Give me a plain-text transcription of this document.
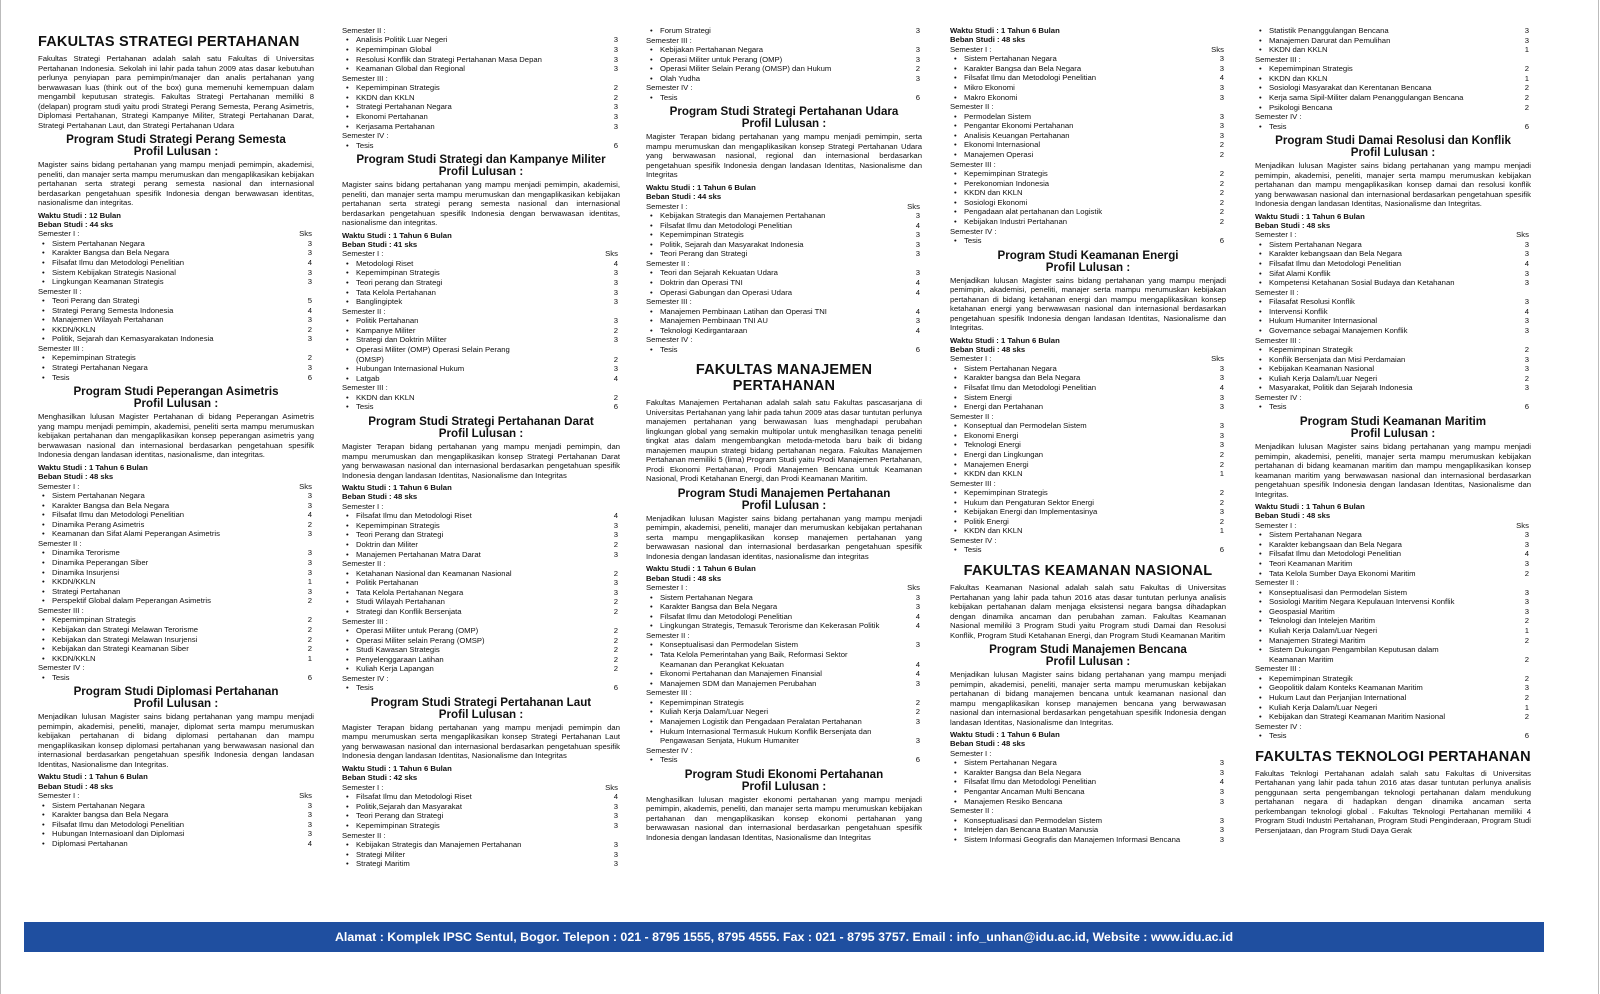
FAKULTAS STRATEGI PERTAHANAN
Fakultas Strategi Pertahanan adalah salah satu Fakultas di Universitas Pertahanan Indonesia. Sekolah ini lahir pada tahun 2009 atas dasar kebutuhan perlunya penyiapan para pemimpin/manajer dan analis pertahanan yang berwawasan luas (think out of the box) guna memenuhi kemempuan dalam mengambil keputusan strategis. Fakultas Strategi Pertahanan memiliki 8 (delapan) program studi yaitu prodi Strategi Perang Semesta, Perang Asimetris, Diplomasi Pertahanan, Strategi Kampanye Militer, Strategi Pertahanan Darat, Strategi Pertahanan Laut, dan Strategi Pertahanan Udara
Program Studi Strategi Perang Semesta
Profil Lulusan :
Magister sains bidang pertahanan yang mampu menjadi pemimpin, akademisi, peneliti, dan manajer serta mampu merumuskan dan mengaplikasikan kebijakan pertahanan serta strategi perang semesta nasional dan internasional berdasarkan pengetahuan spesifik Indonesia dengan berwawasan identitas, nasionalisme dan integritas.
Waktu Studi : 12 Bulan
Beban Studi : 44 sks
Semester I :	Sks
• Sistem Pertahanan Negara	3
• Karakter Bangsa dan Bela Negara	3
• Filsafat Ilmu dan Metodologi Penelitian	4
• Sistem Kebijakan Strategis Nasional	3
• Lingkungan Keamanan Strategis	3
Semester II :
• Teori Perang dan Strategi	5
• Strategi Perang Semesta Indonesia	4
• Manajemen Wilayah Pertahanan	3
• KKDN/KKLN	2
• Politik, Sejarah dan Kemasyarakatan Indonesia	3
Semester III :
• Kepemimpinan Strategis	2
• Strategi Pertahanan Negara	3
• Tesis	6
Program Studi Peperangan Asimetris
Profil Lulusan :
Menghasilkan lulusan Magister Pertahanan di bidang Peperangan Asimetris yang mampu menjadi pemimpin, akademisi, peneliti serta mampu merumuskan kebijakan pertahanan dan mengaplikasikan konsep peperangan asimetris yang berwawasan nasional dan internasional berdasarkan pengetahuan spesifik Indonesia dengan landasan identitas, nasionalisme, dan integritas.
Waktu Studi : 1 Tahun 6 Bulan
Beban Studi : 48 sks
Semester I :	Sks
• Sistem Pertahanan Negara	3
• Karakter Bangsa dan Bela Negara	3
• Filsafat Ilmu dan Metodologi Penelitian	4
• Dinamika Perang Asimetris	2
• Keamanan dan Sifat Alami Peperangan Asimetris	3
Semester II :
• Dinamika Terorisme	3
• Dinamika Peperangan Siber	3
• Dinamika Insurjensi	3
• KKDN/KKLN	1
• Strategi Pertahanan	3
• Perspektif Global dalam Peperangan Asimetris	2
Semester III :
• Kepemimpinan Strategis	2
• Kebijakan dan Strategi Melawan Terorisme	2
• Kebijakan dan Strategi Melawan Insurjensi	2
• Kebijakan dan Strategi Keamanan Siber	2
• KKDN/KKLN	1
Semester IV :
• Tesis	6
Program Studi Diplomasi Pertahanan
Profil Lulusan :
Menjadikan lulusan Magister sains bidang pertahanan yang mampu menjadi pemimpin, akademisi, peneliti, manajer, diplomat serta mampu merumuskan kebijakan pertahanan di bidang diplomasi pertahanan dan mampu mengaplikasikan konsep diplomasi pertahanan yang berwawasan nasional dan internasional berdasarkan pengetahuan spesifik Indonesia dengan landasan Identitas, Nasionalisme dan Integritas.
Waktu Studi : 1 Tahun 6 Bulan
Beban Studi : 48 sks
Semester I :	Sks
• Sistem Pertahanan Negara	3
• Karakter bangsa dan Bela Negara	3
• Filsafat Ilmu dan Metodologi Penelitian	3
• Hubungan Internasioanl dan Diplomasi	3
• Diplomasi Pertahanan	4
Semester II :
• Analisis Politik Luar Negeri	3
• Kepemimpinan Global	3
• Resolusi Konflik dan Strategi Pertahanan Masa Depan	3
• Keamanan Global dan Regional	3
Semester III :
• Kepemimpinan Strategis	2
• KKDN dan KKLN	2
• Strategi Pertahanan Negara	3
• Ekonomi Pertahanan	3
• Kerjasama Pertahanan	3
Semester IV :
• Tesis	6
Program Studi Strategi dan Kampanye Militer
Profil Lulusan :
Magister sains bidang pertahanan yang mampu menjadi pemimpin, akademisi, peneliti, dan manajer serta mampu merumuskan dan mengaplikasikan kebijakan pertahanan serta strategi perang semesta nasional dan internasional berdasarkan pengetahuan spesifik Indonesia dengan berwawasan identitas, nasionalisme dan integritas.
Waktu Studi : 1 Tahun 6 Bulan
Beban Studi : 41 sks
Semester I :	Sks
• Metodologi Riset	4
• Kepemimpinan Strategis	3
• Teori perang dan Strategi	3
• Tata Kelola Pertahanan	3
• Banglingiptek	3
Semester II :
• Politik Pertahanan	3
• Kampanye Militer	2
• Strategi dan Doktrin Militer	3
• Operasi Militer (OMP) Operasi Selain Perang
(OMSP)	2
• Hubungan Internasional Hukum	3
• Latgab	4
Semester III :
• KKDN dan KKLN	2
• Tesis	6
Program Studi Strategi Pertahanan Darat
Profil Lulusan :
Magister Terapan bidang pertahanan yang mampu menjadi pemimpin, dan mampu merumuskan dan mengaplikasikan konsep Strategi Pertahanan Darat yang berwawasan nasional dan internasional berdasarkan pengetahuan spesifik Indonesia dengan landasan Identitas, Nasionalisme dan Integritas
Waktu Studi : 1 Tahun 6 Bulan
Beban Studi : 48 sks
Semester I :
• Filsafat Ilmu dan Metodologi Riset	4
• Kepemimpinan Strategis	3
• Teori Perang dan Strategi	3
• Doktrin dan Militer	2
• Manajemen Pertahanan Matra Darat	3
Semester II :
• Ketahanan Nasional dan Keamanan Nasional	2
• Politik Pertahanan	3
• Tata Kelola Pertahanan Negara	3
• Studi Wilayah Pertahanan	2
• Strategi dan Konflik Bersenjata	2
Semester III :
• Operasi Militer untuk Perang (OMP)	2
• Operasi Militer selain Perang (OMSP)	2
• Studi Kawasan Strategis	2
• Penyelenggaraan Latihan	2
• Kuliah Kerja Lapangan	2
Semester IV :
• Tesis	6
Program Studi Strategi Pertahanan Laut
Profil Lulusan :
Magister Terapan bidang pertahanan yang mampu menjadi pemimpin dan mampu merumuskan serta mengaplikasikan konsep Strategi Pertahanan Laut yang berwawasan nasional dan internasional berdasarkan pengetahuan spesifik Indonesia dengan landasan Identitas, Nasionalisme dan Integritas
Waktu Studi : 1 Tahun 6 Bulan
Beban Studi : 42 sks
Semester I :	Sks
• Filsafat Ilmu dan Metodologi Riset	4
• Politik,Sejarah dan Masyarakat	3
• Teori Perang dan Strategi	3
• Kepemimpinan Strategis	3
Semester II :
• Kebijakan Strategis dan Manajemen Pertahanan	3
• Strategi Militer	3
• Strategi Maritim	3
• Forum Strategi	3
Semester III :
• Kebijakan Pertahanan Negara	3
• Operasi Militer untuk Perang (OMP)	3
• Operasi Militer Selain Perang (OMSP) dan Hukum	2
• Olah Yudha	3
Semester IV :
• Tesis	6
Program Studi Strategi Pertahanan Udara
Profil Lulusan :
Magister Terapan bidang pertahanan yang mampu menjadi pemimpin, serta mampu merumuskan dan mengaplikasikan konsep Strategi Pertahanan Udara yang berwawasan nasional, regional dan internasional berdasarkan pengetahuan spesifik Indonesia dengan landasan Identitas, Nasionalisme dan Integritas
Waktu Studi : 1 Tahun 6 Bulan
Beban Studi : 44 sks
Semester I :	Sks
• Kebijakan Strategis dan Manajemen Pertahanan	3
• Filsafat Ilmu dan Metodologi Penelitian	4
• Kepemimpinan Strategis	3
• Politik, Sejarah dan Masyarakat Indonesia	3
• Teori Perang dan Strategi	3
Semester II :
• Teori dan Sejarah Kekuatan Udara	3
• Doktrin dan Operasi TNI	4
• Operasi Gabungan dan Operasi Udara	4
Semester III :
• Manajemen Pembinaan Latihan dan Operasi TNI	4
• Manajemen Pembinaan TNI AU	3
• Teknologi Kedirgantaraan	4
Semester IV :
• Tesis	6
FAKULTAS MANAJEMEN PERTAHANAN
Fakultas Manajemen Pertahanan adalah salah satu Fakultas pascasarjana di Universitas Pertahanan yang lahir pada tahun 2009 atas dasar tuntutan perlunya manajemen pertahanan yang berwawasan luas menghadapi perubahan lingkungan global yang semakin multipolar untuk menghasilkan tenaga peneliti tingkat atas dalam mengembangkan metoda-metoda baru baik di bidang manajemen maupun strategi bidang pertahanan negara. Fakultas Manajemen Pertahanan memiliki 5 (lima) Program Studi yaitu Prodi Manajemen Pertahanan, Prodi Ekonomi Pertahanan, Prodi Manajemen Bencana untuk Keamanan Nasional, Prodi Ketahanan Energi, dan Prodi Keamanan Maritim.
Program Studi Manajemen Pertahanan
Profil Lulusan :
Menjadikan lulusan Magister sains bidang pertahanan yang mampu menjadi pemimpin, akademisi, peneliti, manajer dan merumuskan kebijakan pertahanan serta mampu mengaplikasikan konsep manajemen pertahanan yang berwawasan nasional dan internasional berdasarkan pengetahuan spesifik Indonesia dengan landasan identitas, nasionalisme dan integritas
Waktu Studi : 1 Tahun 6 Bulan
Beban Studi : 48 sks
Semester I :	Sks
• Sistem Pertahanan Negara	3
• Karakter Bangsa dan Bela Negara	3
• Filsafat Ilmu dan Metodologi Penelitian	4
• Lingkungan Strategis, Temasuk Terorisme dan Kekerasan Politik	4
Semester II :
• Konseptualisasi dan Permodelan Sistem	3
• Tata Kelola Pemerintahan yang Baik, Reformasi Sektor
Keamanan dan Perangkat Kekuatan	4
• Ekonomi Pertahanan dan Manajemen Finansial	4
• Manajemen SDM dan Manajemen Perubahan	3
Semester III :
• Kepemimpinan Strategis	2
• Kuliah Kerja Dalam/Luar Negeri	2
• Manajemen Logistik dan Pengadaan Peralatan Pertahanan	3
• Hukum Internasional Termasuk Hukum Konflik Bersenjata dan
Pengawasan Senjata, Hukum Humaniter	3
Semester IV :
• Tesis	6
Program Studi Ekonomi Pertahanan
Profil Lulusan :
Menghasilkan lulusan magister ekonomi pertahanan yang mampu menjadi pemimpin, akademis, peneliti, dan manajer serta mampu merumuskan kebijakan pertahanan dan mengaplikasikan konsep ekonomi pertahanan yang berwawasan nasional dan internasional berdasarkan pengetahuan spesifik Indonesia dengan landasan Identitas, Nasionalisme dan Integritas
Waktu Studi : 1 Tahun 6 Bulan
Beban Studi : 48 sks
Semester I :	Sks
• Sistem Pertahanan Negara	3
• Karakter Bangsa dan Bela Negara	3
• Filsafat Ilmu dan Metodologi Penelitian	4
• Mikro Ekonomi	3
• Makro Ekonomi	3
Semester II :
• Permodelan Sistem	3
• Pengantar Ekonomi Pertahanan	3
• Analisis Keuangan Pertahanan	3
• Ekonomi Internasional	2
• Manajemen Operasi	2
Semester III :
• Kepemimpinan Strategis	2
• Perekonomian Indonesia	2
• KKDN dan KKLN	2
• Sosiologi Ekonomi	2
• Pengadaan alat pertahanan dan Logistik	2
• Kebijakan Industri Pertahanan	2
Semester IV :
• Tesis	6
Program Studi Keamanan Energi
Profil Lulusan :
Menjadikan lulusan Magister sains bidang pertahanan yang mampu menjadi pemimpin, akademisi, peneliti, manajer serta mampu merumuskan kebijakan pertahanan di bidang ketahanan energi dan mampu mengaplikasikan konsep ketahanan energi yang berwawasan nasional dan internasional berdasarkan pengetahuan spesifik Indonesia dengan landasan Identitas, Nasionalisme dan Integritas.
Waktu Studi : 1 Tahun 6 Bulan
Beban Studi : 48 sks
Semester I :	Sks
• Sistem Pertahanan Negara	3
• Karakter bangsa dan Bela Negara	3
• Filsafat Ilmu dan Metodologi Penelitian	4
• Sistem Energi	3
• Energi dan Pertahanan	3
Semester II :
• Konseptual dan Permodelan Sistem	3
• Ekonomi Energi	3
• Teknologi Energi	3
• Energi dan Lingkungan	2
• Manajemen Energi	2
• KKDN dan KKLN	1
Semester III :
• Kepemimpinan Strategis	2
• Hukum dan Pengaturan Sektor Energi	2
• Kebijakan Energi dan Implementasinya	3
• Politik Energi	2
• KKDN dan KKLN	1
Semester IV :
• Tesis	6
FAKULTAS KEAMANAN NASIONAL
Fakultas Keamanan Nasional adalah salah satu Fakultas di Universitas Pertahanan yang lahir pada tahun 2016 atas dasar tuntutan perlunya analisis kebijakan pertahanan dalam menjaga eksistensi negara bangsa dihadapkan dengan dinamika ancaman dan perubahan zaman. Fakultas Keamanan Nasional memiliki 3 Program Studi yaitu Program studi Damai dan Resolusi Konflik, Program Studi Ketahanan Energi, dan Program Studi Keamanan Maritim
Program Studi Manajemen Bencana
Profil Lulusan :
Menjadikan lulusan Magister sains bidang pertahanan yang mampu menjadi pemimpin, akademisi, peneliti, manajer serta mampu merumuskan kebijakan pertahanan di bidang manajemen bencana untuk keamanan nasional dan mampu mengaplikasikan konsep manajemen bencana yang berwawasan nasional dan internasional berdasarkan pengetahuan spesifik Indonesia dengan landasan Identitas, Nasionalisme dan Integritas.
Waktu Studi : 1 Tahun 6 Bulan
Beban Studi : 48 sks
Semester I :
• Sistem Pertahanan Negara	3
• Karakter Bangsa dan Bela Negara	3
• Filsafat Ilmu dan Metodologi Penelitian	4
• Pengantar Ancaman Multi Bencana	3
• Manajemen Resiko Bencana	3
Semester II :
• Konseptualisasi dan Permodelan Sistem	3
• Intelejen dan Bencana Buatan Manusia	3
• Sistem Informasi Geografis dan Manajemen Informasi Bencana	3
• Statistik Penanggulangan Bencana	3
• Manajemen Darurat dan Pemulihan	3
• KKDN dan KKLN	1
Semester III :
• Kepemimpinan Strategis	2
• KKDN dan KKLN	1
• Sosiologi Masyarakat dan Kerentanan Bencana	2
• Kerja sama Sipil-Militer dalam Penanggulangan Bencana	2
• Psikologi Bencana	2
Semester IV :
• Tesis	6
Program Studi Damai Resolusi dan Konflik
Profil Lulusan :
Menjadikan lulusan Magister sains bidang pertahanan yang mampu menjadi pemimpin, akademisi, peneliti, manajer serta mampu merumuskan kebijakan pertahanan dan mampu mengaplikasikan konsep damai dan resolusi konflik yang berwawasan nasional dan internasional berdasarkan pengetahuan spesifik Indonesia dengan landasan Identitas, Nasionalisme dan Integritas.
Waktu Studi : 1 Tahun 6 Bulan
Beban Studi : 48 sks
Semester I :	Sks
• Sistem Pertahanan Negara	3
• Karakter kebangsaan dan Bela Negara	3
• Filsafat Ilmu dan Metodologi Penelitian	4
• Sifat Alami Konflik	3
• Kompetensi Ketahanan Sosial Budaya dan Ketahanan	3
Semester II :
• Filasafat Resolusi Konflik	3
• Intervensi Konflik	4
• Hukum Humaniter Internasional	3
• Governance sebagai Manajemen Konflik	3
Semester III :
• Kepemimpinan Strategik	2
• Konflik Bersenjata dan Misi Perdamaian	3
• Kebijakan Keamanan Nasional	3
• Kuliah Kerja Dalam/Luar Negeri	2
• Masyarakat, Politik dan Sejarah Indonesia	3
Semester IV :
• Tesis	6
Program Studi Keamanan Maritim
Profil Lulusan :
Menjadikan lulusan Magister sains bidang pertahanan yang mampu menjadi pemimpin, akademisi, peneliti, manajer serta mampu merumuskan kebijakan pertahanan di bidang keamanan maritim dan mampu mengaplikasikan konsep keamanan maritim yang berwawasan nasional dan internasional berdasarkan pengetahuan spesifik Indonesia dengan landasan Identitas, Nasionalisme dan Integritas.
Waktu Studi : 1 Tahun 6 Bulan
Beban Studi : 48 sks
Semester I :	Sks
• Sistem Pertahanan Negara	3
• Karakter kebangsaan dan Bela Negara	3
• Filsafat Ilmu dan Metodologi Penelitian	4
• Teori Keamanan Maritim	3
• Tata Kelola Sumber Daya Ekonomi Maritim	2
Semester II :
• Konseptualisasi dan Permodelan Sistem	3
• Sosiologi Maritim Negara Kepulauan Intervensi Konflik	3
• Geospasial Maritim	3
• Teknologi dan Intelejen Maritim	2
• Kuliah Kerja Dalam/Luar Negeri	1
• Manajemen Strategi Maritim	2
• Sistem Dukungan Pengambilan Keputusan dalam
Keamanan Maritim	2
Semester III :
• Kepemimpinan Strategik	2
• Geopolitik dalam Konteks Keamanan Maritim	3
• Hukum Laut dan Perjanjian International	2
• Kuliah Kerja Dalam/Luar Negeri	1
• Kebijakan dan Strategi Keamanan Maritim Nasional	2
Semester IV :
• Tesis	6
FAKULTAS TEKNOLOGI PERTAHANAN
Fakultas Teknlogi Pertahanan adalah salah satu Fakultas di Universitas Pertahanan yang lahir pada tahun 2016 atas dasar tuntutan perlunya analisis penggunaan serta pengembangan teknologi pertahanan dalam mendukung pertahanan negara di hadapkan dengan dinamika ancaman serta perkembangan teknologi global . Fakultas Teknologi Pertahanan memiliki 4 Program Studi Industri Pertahanan, Program Studi Penginderaan, Program Studi Persenjataan, dan Program Studi Daya Gerak
Alamat : Komplek IPSC Sentul, Bogor. Telepon : 021 - 8795 1555, 8795 4555. Fax : 021 - 8795 3757. Email : info_unhan@idu.ac.id, Website : www.idu.ac.id
